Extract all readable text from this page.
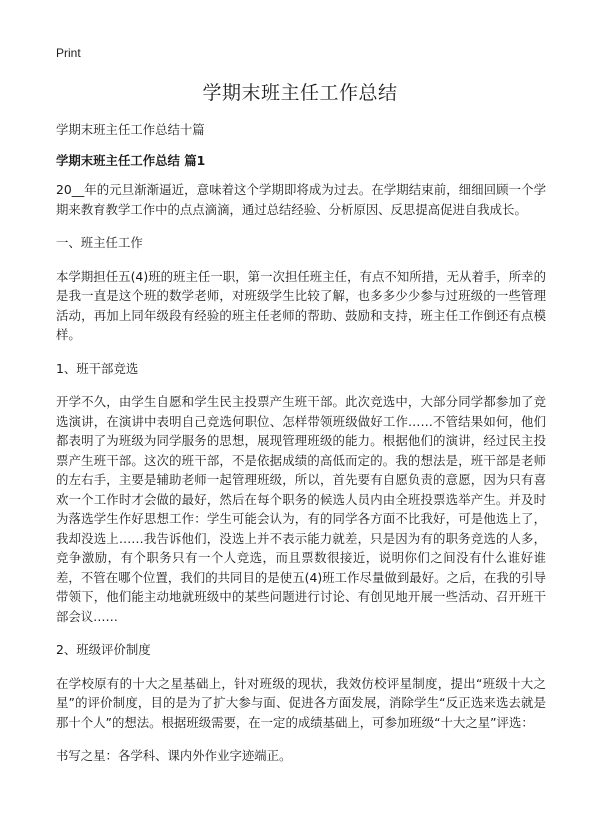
Print
学期末班主任工作总结

学期末班主任工作总结十篇

学期末班主任工作总结 篇1

20__年的元旦渐渐逼近，意味着这个学期即将成为过去。在学期结束前，细细回顾一个学期来教育教学工作中的点点滴滴，通过总结经验、分析原因、反思提高促进自我成长。

一、班主任工作

本学期担任五(4)班的班主任一职，第一次担任班主任，有点不知所措，无从着手，所幸的是我一直是这个班的数学老师，对班级学生比较了解，也多多少少参与过班级的一些管理活动，再加上同年级段有经验的班主任老师的帮助、鼓励和支持，班主任工作倒还有点模样。

1、班干部竞选

开学不久，由学生自愿和学生民主投票产生班干部。此次竞选中，大部分同学都参加了竞选演讲，在演讲中表明自己竞选何职位、怎样带领班级做好工作……不管结果如何，他们都表明了为班级为同学服务的思想，展现管理班级的能力。根据他们的演讲，经过民主投票产生班干部。这次的班干部，不是依据成绩的高低而定的。我的想法是，班干部是老师的左右手，主要是辅助老师一起管理班级，所以，首先要有自愿负责的意愿，因为只有喜欢一个工作时才会做的最好，然后在每个职务的候选人员内由全班投票选举产生。并及时为落选学生作好思想工作：学生可能会认为，有的同学各方面不比我好，可是他选上了，我却没选上……我告诉他们，没选上并不表示能力就差，只是因为有的职务竞选的人多，竞争激励，有个职务只有一个人竞选，而且票数很接近，说明你们之间没有什么谁好谁差，不管在哪个位置，我们的共同目的是使五(4)班工作尽量做到最好。之后，在我的引导带领下，他们能主动地就班级中的某些问题进行讨论、有创见地开展一些活动、召开班干部会议……

2、班级评价制度

在学校原有的十大之星基础上，针对班级的现状，我效仿校评星制度，提出“班级十大之星”的评价制度，目的是为了扩大参与面、促进各方面发展，消除学生“反正选来选去就是那十个人”的想法。根据班级需要，在一定的成绩基础上，可参加班级“十大之星”评选：

书写之星：各学科、课内外作业字迹端正。
